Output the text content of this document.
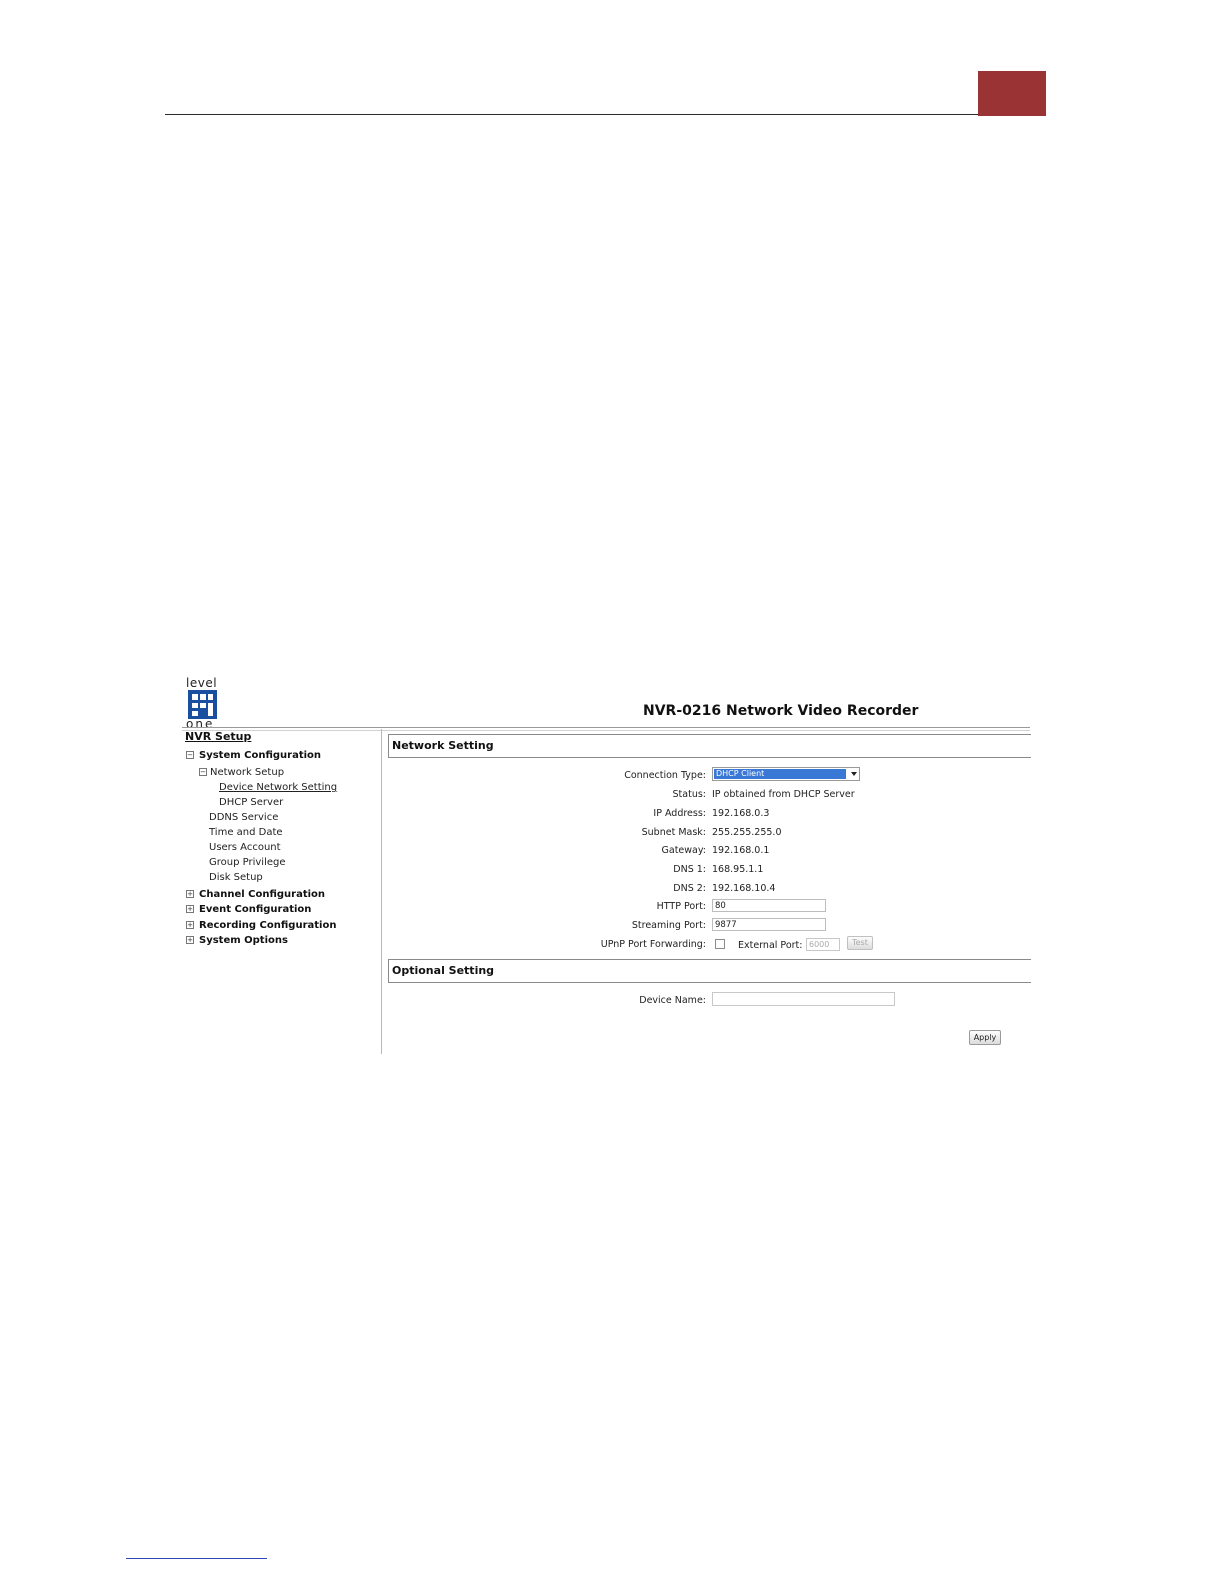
level
one
NVR-0216 Network Video Recorder
NVR Setup
− System Configuration
− Network Setup
Device Network Setting
DHCP Server
DDNS Service
Time and Date
Users Account
Group Privilege
Disk Setup
+ Channel Configuration
+ Event Configuration
+ Recording Configuration
+ System Options
Network Setting
Connection Type: DHCP Client
Status: IP obtained from DHCP Server
IP Address: 192.168.0.3
Subnet Mask: 255.255.255.0
Gateway: 192.168.0.1
DNS 1: 168.95.1.1
DNS 2: 192.168.10.4
HTTP Port:	80
Streaming Port:	9877
UPnP Port Forwarding:	External Port: 6000	Test
Optional Setting
Device Name:
Apply
